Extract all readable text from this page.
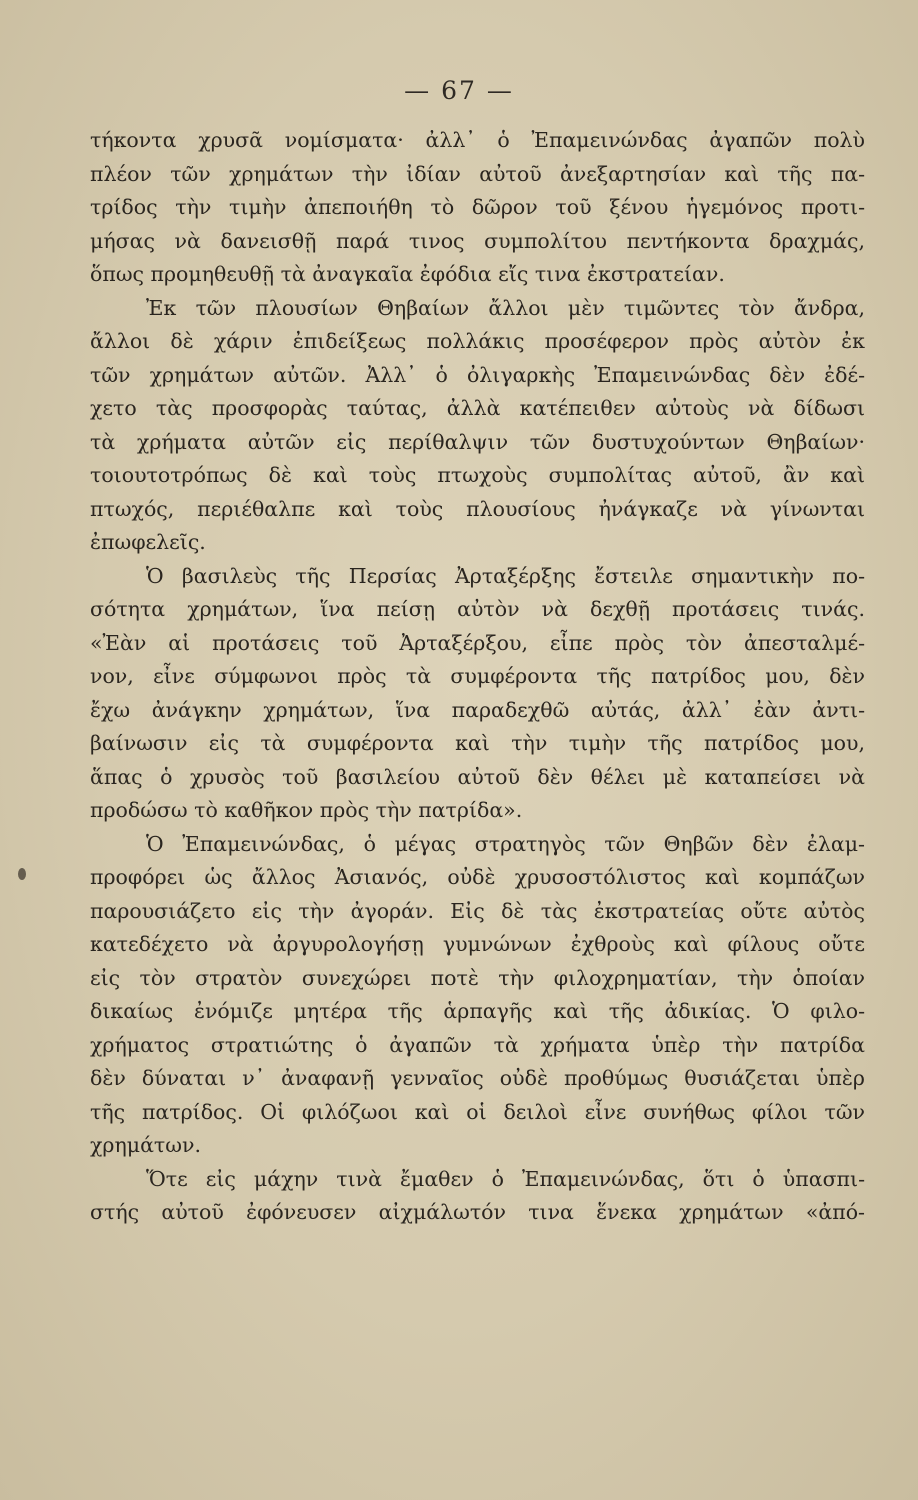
— 67 —
τήκοντα χρυσᾶ νομίσματα· ἀλλ᾽ ὁ Ἐπαμεινώνδας ἀγαπῶν πολὺ
πλέον τῶν χρημάτων τὴν ἰδίαν αὐτοῦ ἀνεξαρτησίαν καὶ τῆς πα-
τρίδος τὴν τιμὴν ἀπεποιήθη τὸ δῶρον τοῦ ξένου ἡγεμόνος προτι-
μήσας νὰ δανεισθῇ παρά τινος συμπολίτου πεντήκοντα δραχμάς,
ὅπως προμηθευθῇ τὰ ἀναγκαῖα ἐφόδια εἴς τινα ἐκστρατείαν.
Ἐκ τῶν πλουσίων Θηβαίων ἄλλοι μὲν τιμῶντες τὸν ἄνδρα,
ἄλλοι δὲ χάριν ἐπιδείξεως πολλάκις προσέφερον πρὸς αὐτὸν ἐκ
τῶν χρημάτων αὐτῶν. Ἀλλ᾽ ὁ ὀλιγαρκὴς Ἐπαμεινώνδας δὲν ἐδέ-
χετο τὰς προσφορὰς ταύτας, ἀλλὰ κατέπειθεν αὐτοὺς νὰ δίδωσι
τὰ χρήματα αὐτῶν εἰς περίθαλψιν τῶν δυστυχούντων Θηβαίων·
τοιουτοτρόπως δὲ καὶ τοὺς πτωχοὺς συμπολίτας αὐτοῦ, ἂν καὶ
πτωχός, περιέθαλπε καὶ τοὺς πλουσίους ἠνάγκαζε νὰ γίνωνται
ἐπωφελεῖς.
Ὁ βασιλεὺς τῆς Περσίας Ἀρταξέρξης ἔστειλε σημαντικὴν πο-
σότητα χρημάτων, ἵνα πείσῃ αὐτὸν νὰ δεχθῇ προτάσεις τινάς.
«Ἐὰν αἱ προτάσεις τοῦ Ἀρταξέρξου, εἶπε πρὸς τὸν ἀπεσταλμέ-
νον, εἶνε σύμφωνοι πρὸς τὰ συμφέροντα τῆς πατρίδος μου, δὲν
ἔχω ἀνάγκην χρημάτων, ἵνα παραδεχθῶ αὐτάς, ἀλλ᾽ ἐὰν ἀντι-
βαίνωσιν εἰς τὰ συμφέροντα καὶ τὴν τιμὴν τῆς πατρίδος μου,
ἅπας ὁ χρυσὸς τοῦ βασιλείου αὐτοῦ δὲν θέλει μὲ καταπείσει νὰ
προδώσω τὸ καθῆκον πρὸς τὴν πατρίδα».
Ὁ Ἐπαμεινώνδας, ὁ μέγας στρατηγὸς τῶν Θηβῶν δὲν ἐλαμ-
προφόρει ὡς ἄλλος Ἀσιανός, οὐδὲ χρυσοστόλιστος καὶ κομπάζων
παρουσιάζετο εἰς τὴν ἀγοράν. Εἰς δὲ τὰς ἐκστρατείας οὔτε αὐτὸς
κατεδέχετο νὰ ἀργυρολογήσῃ γυμνώνων ἐχθροὺς καὶ φίλους οὔτε
εἰς τὸν στρατὸν συνεχώρει ποτὲ τὴν φιλοχρηματίαν, τὴν ὁποίαν
δικαίως ἐνόμιζε μητέρα τῆς ἁρπαγῆς καὶ τῆς ἀδικίας. Ὁ φιλο-
χρήματος στρατιώτης ὁ ἀγαπῶν τὰ χρήματα ὑπὲρ τὴν πατρίδα
δὲν δύναται ν᾽ ἀναφανῇ γενναῖος οὐδὲ προθύμως θυσιάζεται ὑπὲρ
τῆς πατρίδος. Οἱ φιλόζωοι καὶ οἱ δειλοὶ εἶνε συνήθως φίλοι τῶν
χρημάτων.
Ὅτε εἰς μάχην τινὰ ἔμαθεν ὁ Ἐπαμεινώνδας, ὅτι ὁ ὑπασπι-
στής αὐτοῦ ἐφόνευσεν αἰχμάλωτόν τινα ἕνεκα χρημάτων «ἀπό-
